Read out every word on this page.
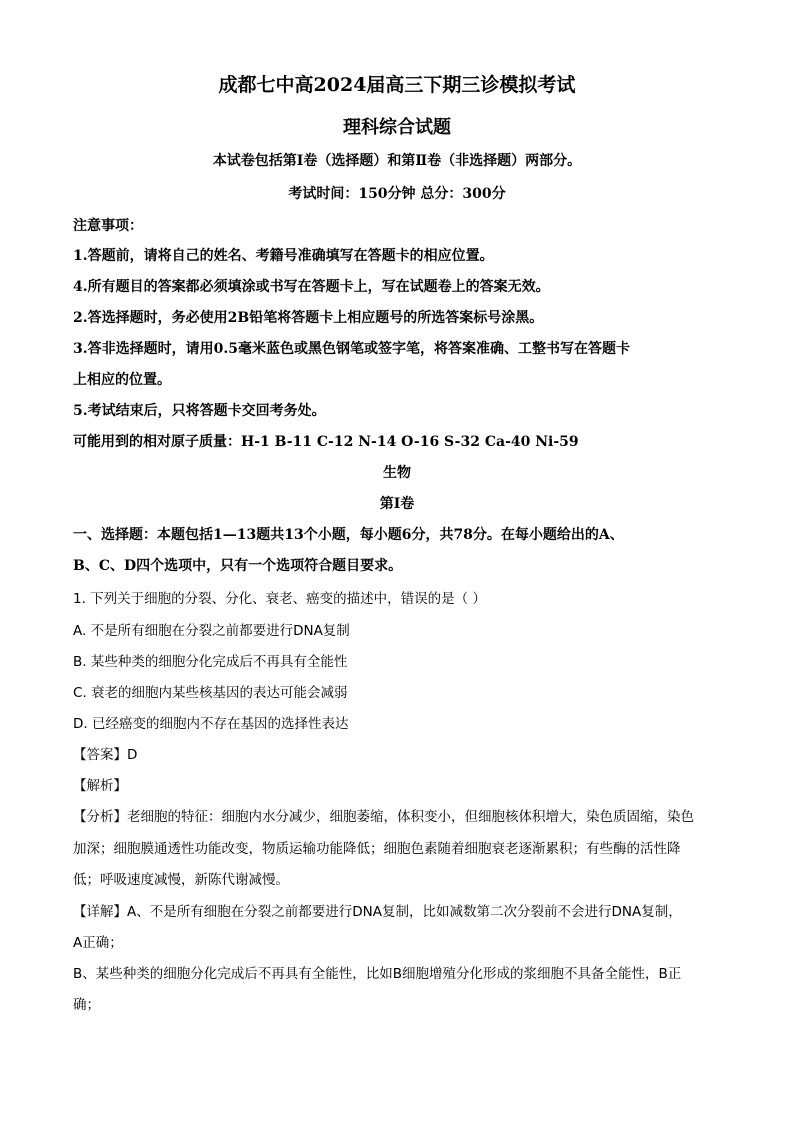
成都七中高2024届高三下期三诊模拟考试
理科综合试题
本试卷包括第Ⅰ卷（选择题）和第Ⅱ卷（非选择题）两部分。
考试时间：150分钟 总分：300分
注意事项：
1.答题前，请将自己的姓名、考籍号准确填写在答题卡的相应位置。
4.所有题目的答案都必须填涂或书写在答题卡上，写在试题卷上的答案无效。
2.答选择题时，务必使用2B铅笔将答题卡上相应题号的所选答案标号涂黑。
3.答非选择题时，请用0.5毫米蓝色或黑色钢笔或签字笔，将答案准确、工整书写在答题卡
上相应的位置。
5.考试结束后，只将答题卡交回考务处。
可能用到的相对原子质量：H-1 B-11 C-12 N-14 O-16 S-32 Ca-40 Ni-59
生物
第Ⅰ卷
一、选择题：本题包括1—13题共13个小题，每小题6分，共78分。在每小题给出的A、
B、C、D四个选项中，只有一个选项符合题目要求。
1. 下列关于细胞的分裂、分化、衰老、癌变的描述中，错误的是（ ）
A. 不是所有细胞在分裂之前都要进行DNA复制
B. 某些种类的细胞分化完成后不再具有全能性
C. 衰老的细胞内某些核基因的表达可能会减弱
D. 已经癌变的细胞内不存在基因的选择性表达
【答案】D
【解析】
【分析】老细胞的特征：细胞内水分减少，细胞萎缩，体积变小，但细胞核体积增大，染色质固缩，染色
加深；细胞膜通透性功能改变，物质运输功能降低；细胞色素随着细胞衰老逐渐累积；有些酶的活性降
低；呼吸速度减慢，新陈代谢减慢。
【详解】A、不是所有细胞在分裂之前都要进行DNA复制，比如减数第二次分裂前不会进行DNA复制，
A正确；
B、某些种类的细胞分化完成后不再具有全能性，比如B细胞增殖分化形成的浆细胞不具备全能性，B正
确；
